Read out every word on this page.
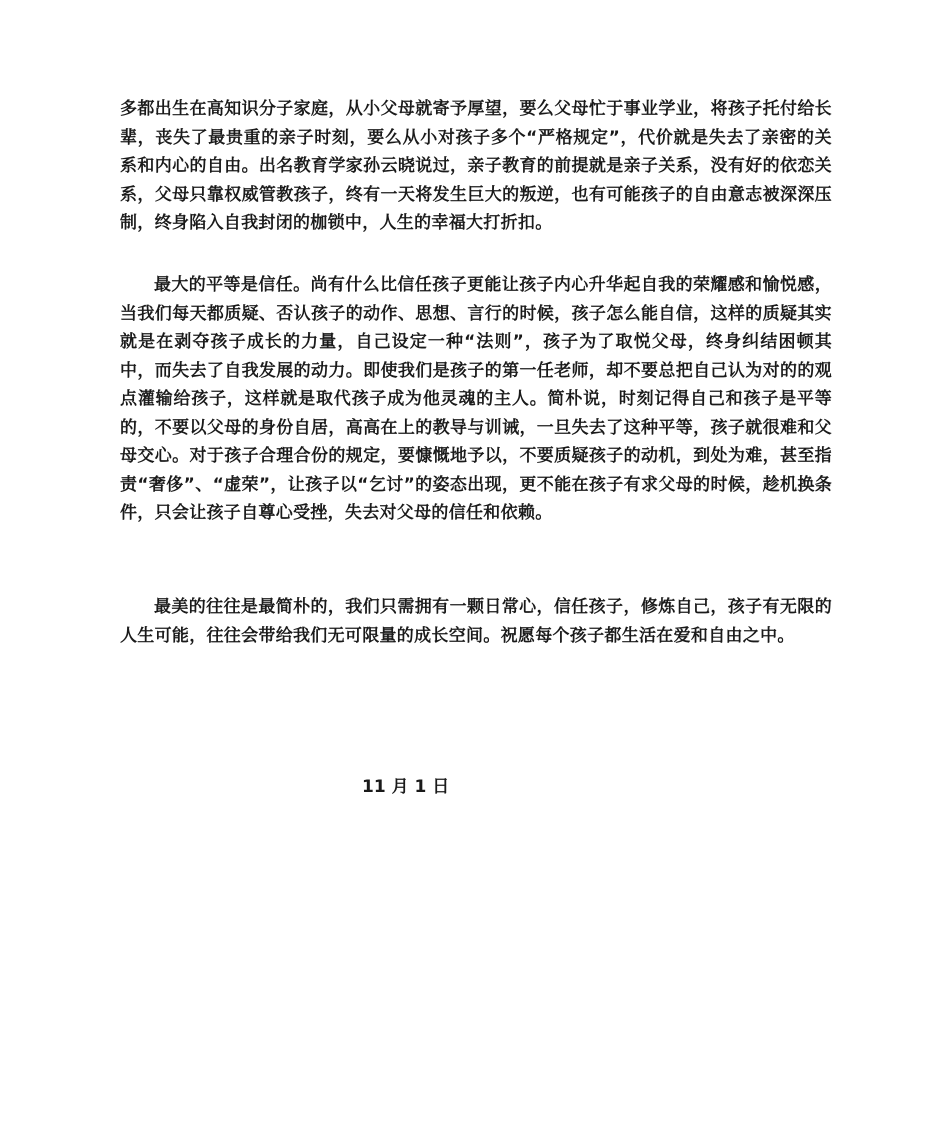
多都出生在高知识分子家庭，从小父母就寄予厚望，要么父母忙于事业学业，将孩子托付给长辈，丧失了最贵重的亲子时刻，要么从小对孩子多个“严格规定”，代价就是失去了亲密的关系和内心的自由。出名教育学家孙云晓说过，亲子教育的前提就是亲子关系，没有好的依恋关系，父母只靠权威管教孩子，终有一天将发生巨大的叛逆，也有可能孩子的自由意志被深深压制，终身陷入自我封闭的枷锁中，人生的幸福大打折扣。

最大的平等是信任。尚有什么比信任孩子更能让孩子内心升华起自我的荣耀感和愉悦感，当我们每天都质疑、否认孩子的动作、思想、言行的时候，孩子怎么能自信，这样的质疑其实就是在剥夺孩子成长的力量，自己设定一种“法则”，孩子为了取悦父母，终身纠结困顿其中，而失去了自我发展的动力。即使我们是孩子的第一任老师，却不要总把自己认为对的的观点灌输给孩子，这样就是取代孩子成为他灵魂的主人。简朴说，时刻记得自己和孩子是平等的，不要以父母的身份自居，高高在上的教导与训诫，一旦失去了这种平等，孩子就很难和父母交心。对于孩子合理合份的规定，要慷慨地予以，不要质疑孩子的动机，到处为难，甚至指责“奢侈”、“虚荣”，让孩子以“乞讨”的姿态出现，更不能在孩子有求父母的时候，趁机换条件，只会让孩子自尊心受挫，失去对父母的信任和依赖。

最美的往往是最简朴的，我们只需拥有一颗日常心，信任孩子，修炼自己，孩子有无限的人生可能，往往会带给我们无可限量的成长空间。祝愿每个孩子都生活在爱和自由之中。

11 月 1 日
